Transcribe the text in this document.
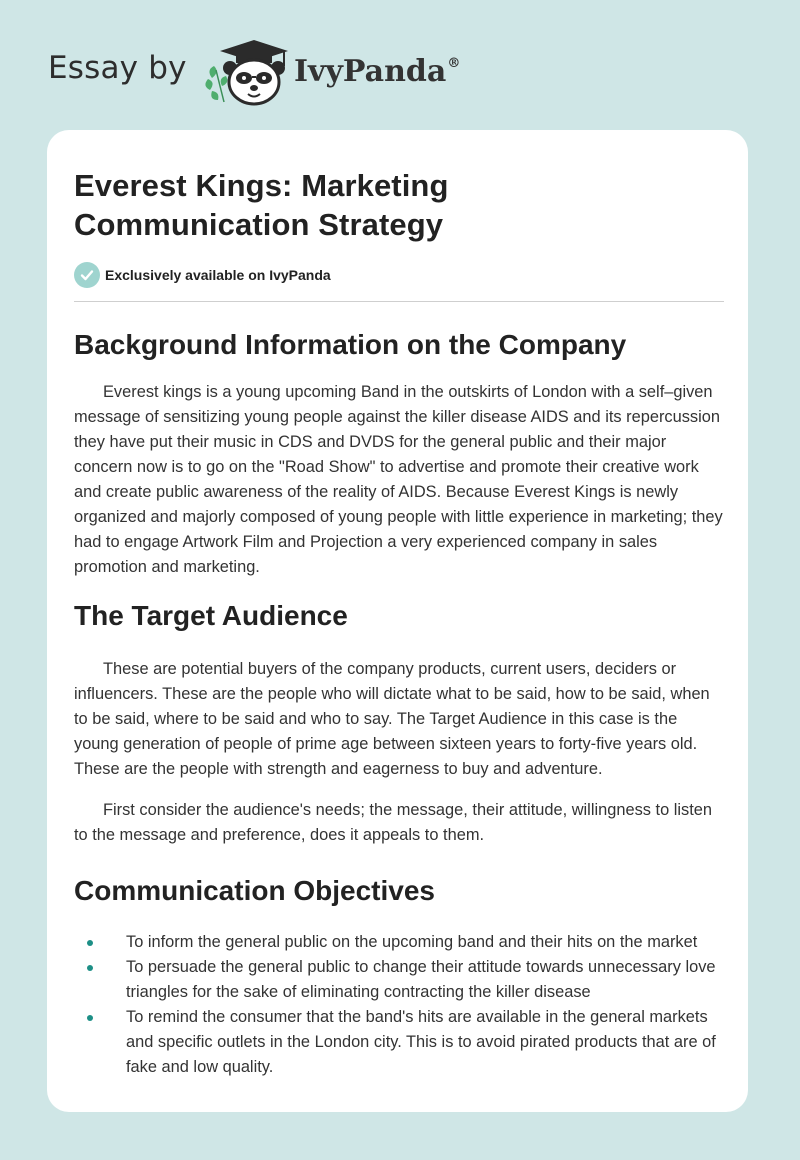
Essay by	IvyPanda®
Everest Kings: Marketing
Communication Strategy
Exclusively available on IvyPanda
Background Information on the Company

Everest kings is a young upcoming Band in the outskirts of London with a self–given message of sensitizing young people against the killer disease AIDS and its repercussion they have put their music in CDS and DVDS for the general public and their major concern now is to go on the "Road Show" to advertise and promote their creative work and create public awareness of the reality of AIDS. Because Everest Kings is newly organized and majorly composed of young people with little experience in marketing; they had to engage Artwork Film and Projection a very experienced company in sales promotion and marketing.

The Target Audience

These are potential buyers of the company products, current users, deciders or influencers. These are the people who will dictate what to be said, how to be said, when to be said, where to be said and who to say. The Target Audience in this case is the young generation of people of prime age between sixteen years to forty-five years old. These are the people with strength and eagerness to buy and adventure.

First consider the audience's needs; the message, their attitude, willingness to listen to the message and preference, does it appeals to them.

Communication Objectives
To inform the general public on the upcoming band and their hits on the market
To persuade the general public to change their attitude towards unnecessary love triangles for the sake of eliminating contracting the killer disease
To remind the consumer that the band's hits are available in the general markets and specific outlets in the London city. This is to avoid pirated products that are of fake and low quality.
